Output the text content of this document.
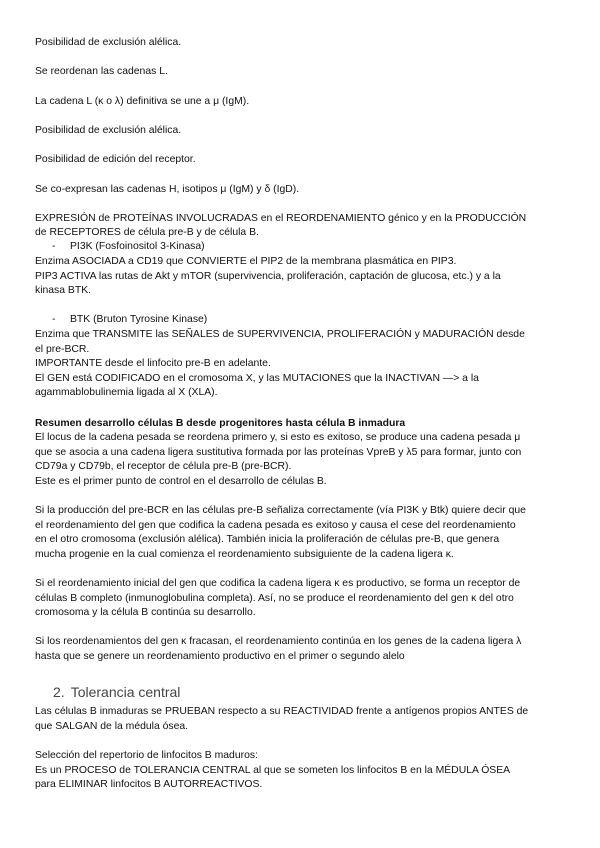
Posibilidad de exclusión alélica.

Se reordenan las cadenas L.

La cadena L (κ o λ) definitiva se une a μ (IgM).

Posibilidad de exclusión alélica.

Posibilidad de edición del receptor.

Se co-expresan las cadenas H, isotipos μ (IgM) y δ (IgD).

EXPRESIÓN de PROTEÍNAS INVOLUCRADAS en el REORDENAMIENTO génico y en la PRODUCCIÓN

de RECEPTORES de célula pre-B y de célula B.

- PI3K (Fosfoinositol 3-Kinasa)

Enzima ASOCIADA a CD19 que CONVIERTE el PIP2 de la membrana plasmática en PIP3.

PIP3 ACTIVA las rutas de Akt y mTOR (supervivencia, proliferación, captación de glucosa, etc.) y a la

kinasa BTK.

- BTK (Bruton Tyrosine Kinase)

Enzima que TRANSMITE las SEÑALES de SUPERVIVENCIA, PROLIFERACIÓN y MADURACIÓN desde

el pre-BCR.

IMPORTANTE desde el linfocito pre-B en adelante.

El GEN está CODIFICADO en el cromosoma X, y las MUTACIONES que la INACTIVAN —> a la

agammablobulinemia ligada al X (XLA).

Resumen desarrollo células B desde progenitores hasta célula B inmadura

El locus de la cadena pesada se reordena primero y, si esto es exitoso, se produce una cadena pesada μ

que se asocia a una cadena ligera sustitutiva formada por las proteínas VpreB y λ5 para formar, junto con

CD79a y CD79b, el receptor de célula pre-B (pre-BCR).

Este es el primer punto de control en el desarrollo de células B.

Si la producción del pre-BCR en las células pre-B señaliza correctamente (vía PI3K y Btk) quiere decir que

el reordenamiento del gen que codifica la cadena pesada es exitoso y causa el cese del reordenamiento

en el otro cromosoma (exclusión alélica). También inicia la proliferación de células pre-B, que genera

mucha progenie en la cual comienza el reordenamiento subsiguiente de la cadena ligera κ.

Si el reordenamiento inicial del gen que codifica la cadena ligera κ es productivo, se forma un receptor de

células B completo (inmunoglobulina completa). Así, no se produce el reordenamiento del gen κ del otro

cromosoma y la célula B continúa su desarrollo.

Si los reordenamientos del gen κ fracasan, el reordenamiento continúa en los genes de la cadena ligera λ

hasta que se genere un reordenamiento productivo en el primer o segundo alelo

2. Tolerancia central

Las células B inmaduras se PRUEBAN respecto a su REACTIVIDAD frente a antígenos propios ANTES de

que SALGAN de la médula ósea.

Selección del repertorio de linfocitos B maduros:

Es un PROCESO de TOLERANCIA CENTRAL al que se someten los linfocitos B en la MÉDULA ÓSEA

para ELIMINAR linfocitos B AUTORREACTIVOS.
